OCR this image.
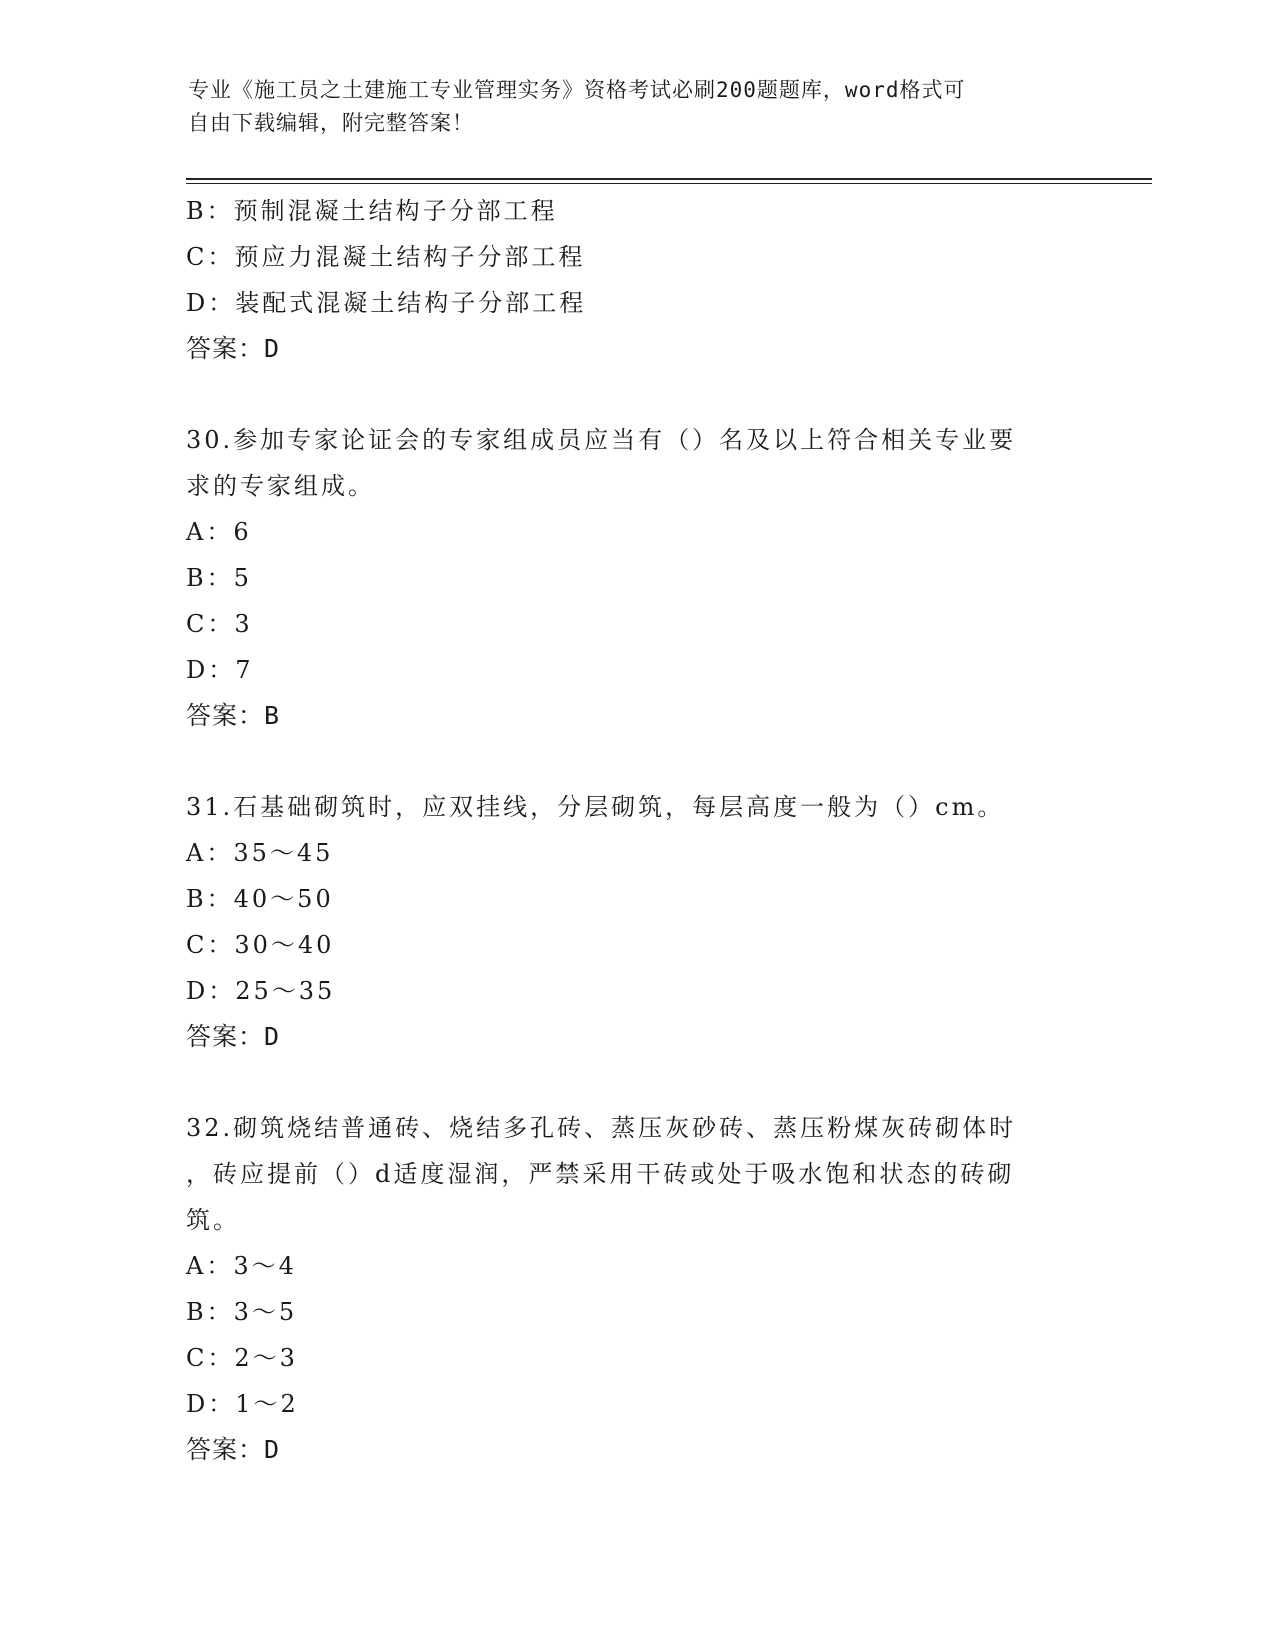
专业《施工员之土建施工专业管理实务》资格考试必刷200题题库，word格式可
自由下载编辑，附完整答案！
B：预制混凝土结构子分部工程
C：预应力混凝土结构子分部工程
D：装配式混凝土结构子分部工程
答案：D
30.参加专家论证会的专家组成员应当有（）名及以上符合相关专业要
求的专家组成。
A：6
B：5
C：3
D：7
答案：B
31.石基础砌筑时，应双挂线，分层砌筑，每层高度一般为（）cm。
A：35～45
B：40～50
C：30～40
D：25～35
答案：D
32.砌筑烧结普通砖、烧结多孔砖、蒸压灰砂砖、蒸压粉煤灰砖砌体时
，砖应提前（）d适度湿润，严禁采用干砖或处于吸水饱和状态的砖砌
筑。
A：3～4
B：3～5
C：2～3
D：1～2
答案：D
